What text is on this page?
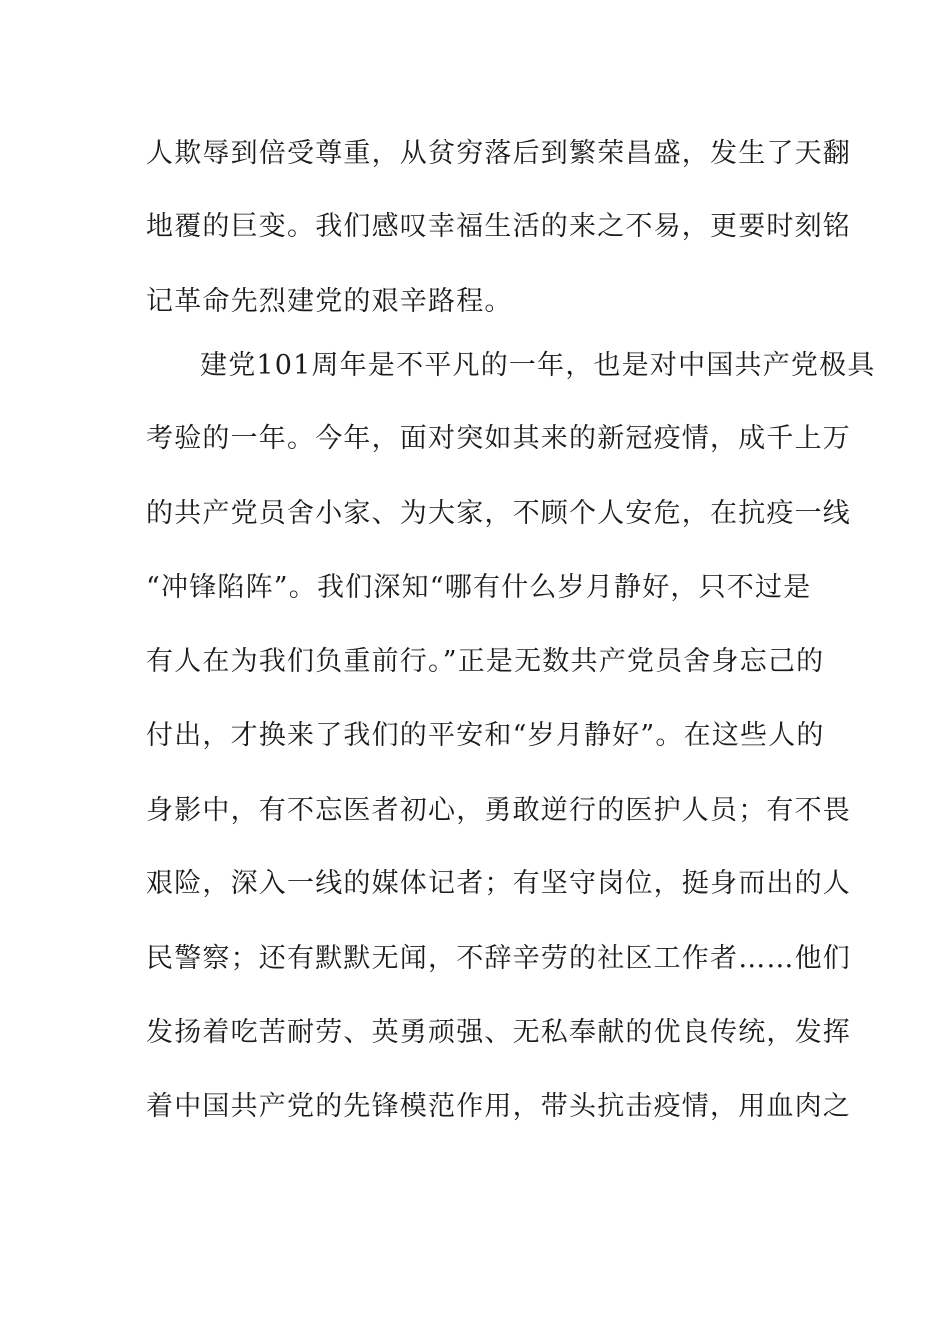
人欺辱到倍受尊重，从贫穷落后到繁荣昌盛，发生了天翻
地覆的巨变。我们感叹幸福生活的来之不易，更要时刻铭
记革命先烈建党的艰辛路程。
建党101周年是不平凡的一年，也是对中国共产党极具
考验的一年。今年，面对突如其来的新冠疫情，成千上万
的共产党员舍小家、为大家，不顾个人安危，在抗疫一线
“冲锋陷阵”。我们深知“哪有什么岁月静好，只不过是
有人在为我们负重前行。”正是无数共产党员舍身忘己的
付出，才换来了我们的平安和“岁月静好”。在这些人的
身影中，有不忘医者初心，勇敢逆行的医护人员；有不畏
艰险，深入一线的媒体记者；有坚守岗位，挺身而出的人
民警察；还有默默无闻，不辞辛劳的社区工作者……他们
发扬着吃苦耐劳、英勇顽强、无私奉献的优良传统，发挥
着中国共产党的先锋模范作用，带头抗击疫情，用血肉之
